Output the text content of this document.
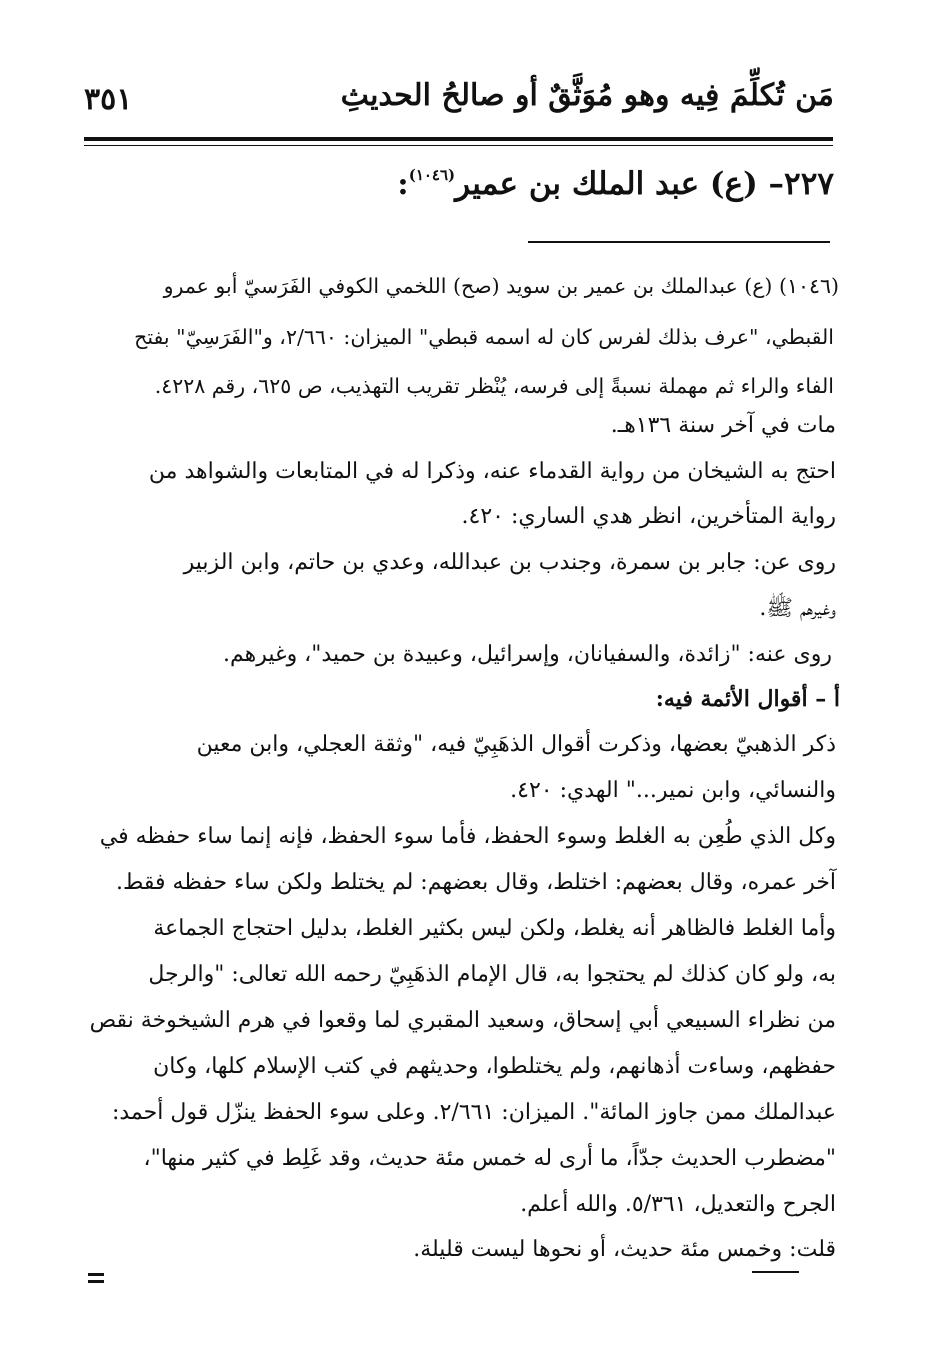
مَن تُكلِّمَ فِيه وهو مُوَثَّقٌ أو صالحُ الحديثِ
٣٥١
٢٢٧– (ع) عبد الملك بن عمير$^{(١٠٤٦)}$:
(١٠٤٦) (ع) عبدالملك بن عمير بن سويد (صح) اللخمي الكوفي الفَرَسيّ أبو عمرو
القبطي، "عرف بذلك لفرس كان له اسمه قبطي" الميزان: ٢/٦٦٠، و"الفَرَسِيّ" بفتح
الفاء والراء ثم مهملة نسبةً إلى فرسه، يُنْظر تقريب التهذيب، ص ٦٢٥، رقم ٤٢٢٨.
مات في آخر سنة ١٣٦هـ.
احتج به الشيخان من رواية القدماء عنه، وذكرا له في المتابعات والشواهد من
رواية المتأخرين، انظر هدي الساري: ٤٢٠.
روى عن: جابر بن سمرة، وجندب بن عبدالله، وعدي بن حاتم، وابن الزبير
وغيرهم ﷺ.
روى عنه: "زائدة، والسفيانان، وإسرائيل، وعبيدة بن حميد"، وغيرهم.
أ – أقوال الأئمة فيه:
ذكر الذهبيّ بعضها، وذكرت أقوال الذهَبِيّ فيه، "وثقة العجلي، وابن معين
والنسائي، وابن نمير..." الهدي: ٤٢٠.
وكل الذي طُعِن به الغلط وسوء الحفظ، فأما سوء الحفظ، فإنه إنما ساء حفظه في
آخر عمره، وقال بعضهم: اختلط، وقال بعضهم: لم يختلط ولكن ساء حفظه فقط.
وأما الغلط فالظاهر أنه يغلط، ولكن ليس بكثير الغلط، بدليل احتجاج الجماعة
به، ولو كان كذلك لم يحتجوا به، قال الإمام الذهَبِيّ رحمه الله تعالى: "والرجل
من نظراء السبيعي أبي إسحاق، وسعيد المقبري لما وقعوا في هرم الشيخوخة نقص
حفظهم، وساءت أذهانهم، ولم يختلطوا، وحديثهم في كتب الإسلام كلها، وكان
عبدالملك ممن جاوز المائة". الميزان: ٢/٦٦١. وعلى سوء الحفظ ينزّل قول أحمد:
"مضطرب الحديث جدّاً، ما أرى له خمس مئة حديث، وقد غَلِط في كثير منها"،
الجرح والتعديل، ٥/٣٦١. والله أعلم.
قلت: وخمس مئة حديث، أو نحوها ليست قليلة.
